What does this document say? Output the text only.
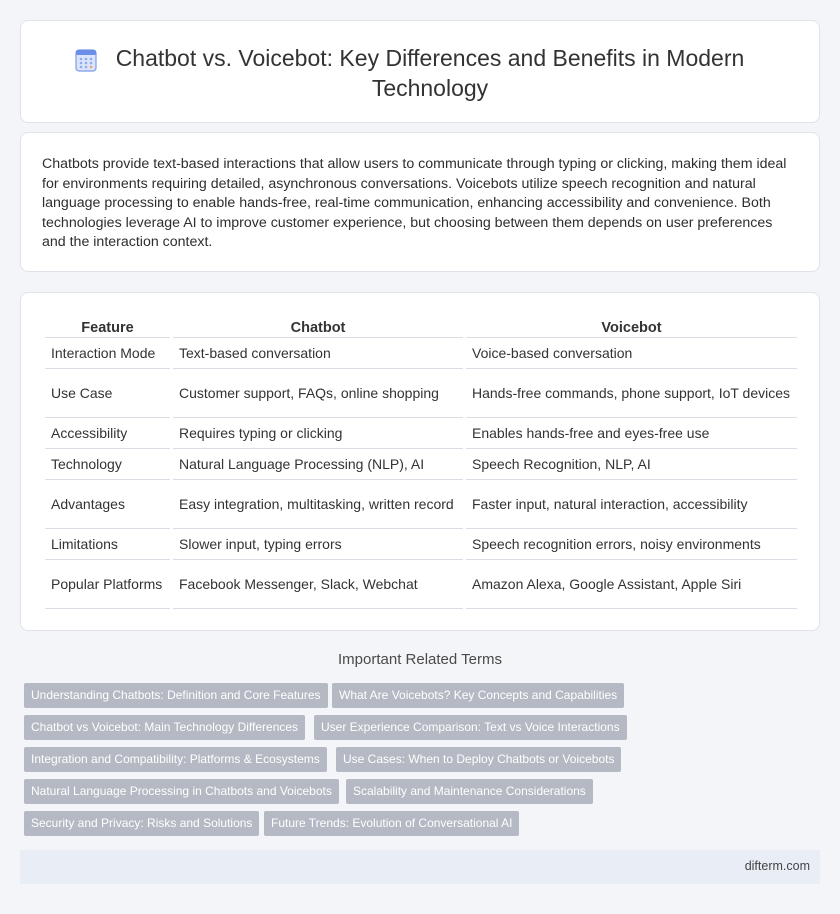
Chatbot vs. Voicebot: Key Differences and Benefits in Modern Technology

Chatbots provide text-based interactions that allow users to communicate through typing or clicking, making them ideal for environments requiring detailed, asynchronous conversations. Voicebots utilize speech recognition and natural language processing to enable hands-free, real-time communication, enhancing accessibility and convenience. Both technologies leverage AI to improve customer experience, but choosing between them depends on user preferences and the interaction context.

Feature	Chatbot	Voicebot
Interaction Mode	Text-based conversation	Voice-based conversation
Use Case	Customer support, FAQs, online shopping	Hands-free commands, phone support, IoT devices
Accessibility	Requires typing or clicking	Enables hands-free and eyes-free use
Technology	Natural Language Processing (NLP), AI	Speech Recognition, NLP, AI
Advantages	Easy integration, multitasking, written record	Faster input, natural interaction, accessibility
Limitations	Slower input, typing errors	Speech recognition errors, noisy environments
Popular Platforms	Facebook Messenger, Slack, Webchat	Amazon Alexa, Google Assistant, Apple Siri
Important Related Terms
Understanding Chatbots: Definition and Core Features	What Are Voicebots? Key Concepts and Capabilities
Chatbot vs Voicebot: Main Technology Differences	User Experience Comparison: Text vs Voice Interactions
Integration and Compatibility: Platforms & Ecosystems	Use Cases: When to Deploy Chatbots or Voicebots
Natural Language Processing in Chatbots and Voicebots	Scalability and Maintenance Considerations
Security and Privacy: Risks and Solutions	Future Trends: Evolution of Conversational AI
difterm.com
